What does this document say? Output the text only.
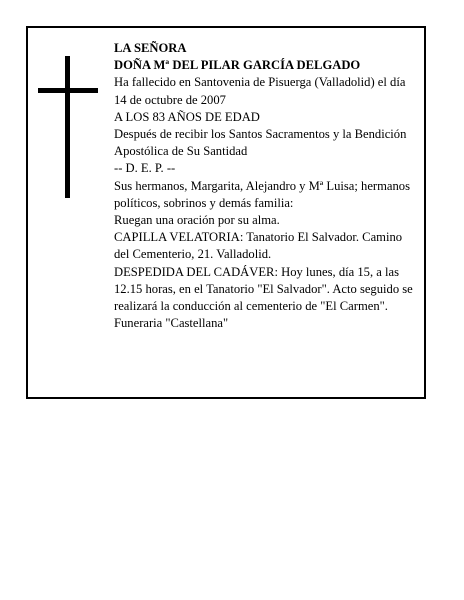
LA SEÑORA
DOÑA Mª DEL PILAR GARCÍA DELGADO
Ha fallecido en Santovenia de Pisuerga (Valladolid) el día 14 de octubre de 2007
A LOS 83 AÑOS DE EDAD
Después de recibir los Santos Sacramentos y la Bendición Apostólica de Su Santidad
-- D. E. P. --
Sus hermanos, Margarita, Alejandro y Mª Luisa; hermanos políticos, sobrinos y demás familia:
Ruegan una oración por su alma.
CAPILLA VELATORIA: Tanatorio El Salvador. Camino del Cementerio, 21. Valladolid.
DESPEDIDA DEL CADÁVER: Hoy lunes, día 15, a las 12.15 horas, en el Tanatorio "El Salvador". Acto seguido se realizará la conducción al cementerio de "El Carmen".
Funeraria "Castellana"
